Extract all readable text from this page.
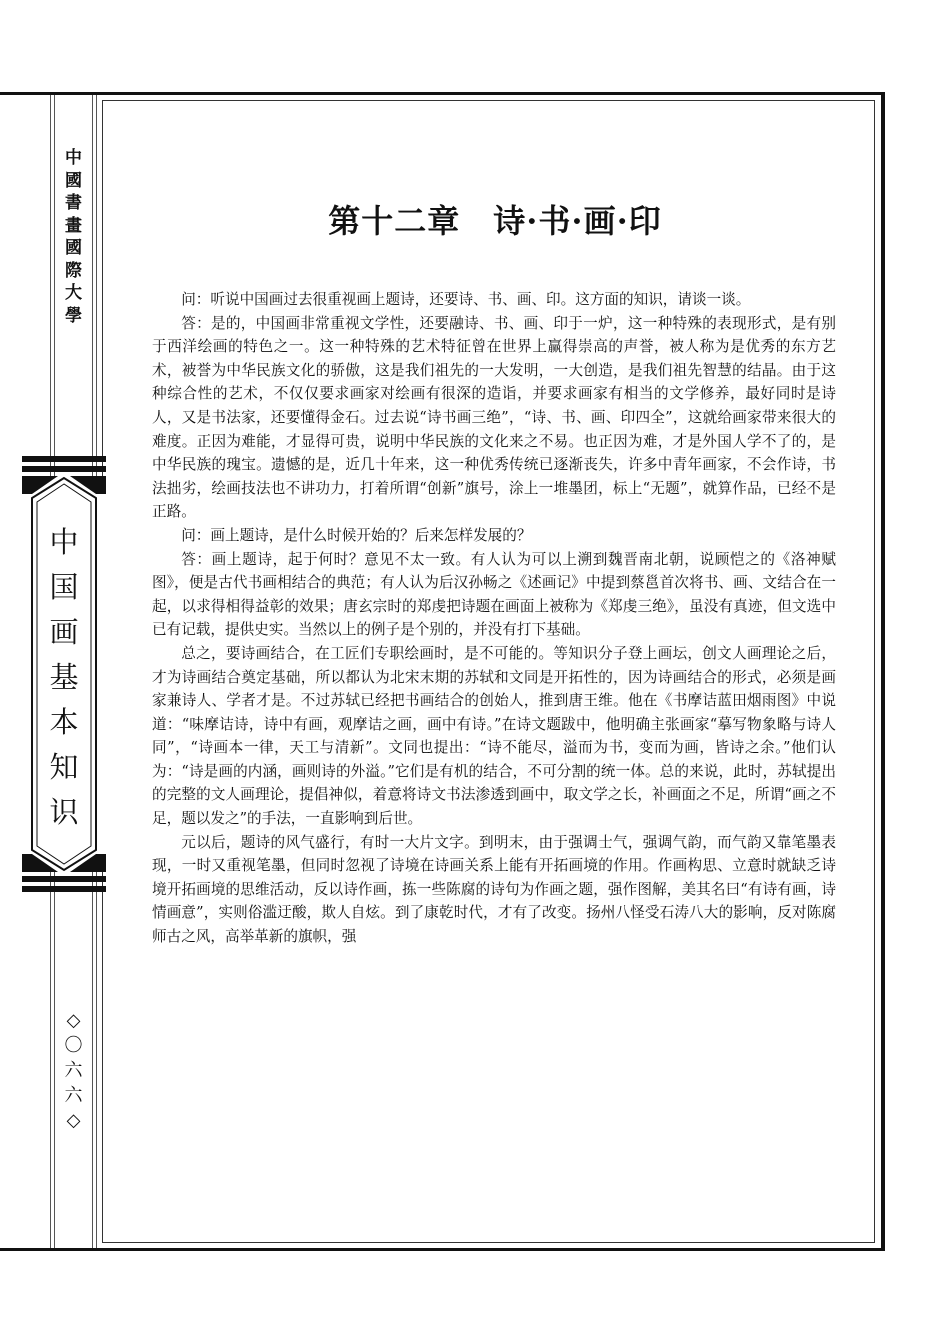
中
國
書
畫
國
際
大
學
中
国
画
基
本
知
识
◇
〇
六
六
◇
第十二章　诗·书·画·印

问：听说中国画过去很重视画上题诗，还要诗、书、画、印。这方面的知识，请谈一谈。

答：是的，中国画非常重视文学性，还要融诗、书、画、印于一炉，这一种特殊的表现形式，是有别于西洋绘画的特色之一。这一种特殊的艺术特征曾在世界上赢得崇高的声誉，被人称为是优秀的东方艺术，被誉为中华民族文化的骄傲，这是我们祖先的一大发明，一大创造，是我们祖先智慧的结晶。由于这种综合性的艺术，不仅仅要求画家对绘画有很深的造诣，并要求画家有相当的文学修养，最好同时是诗人，又是书法家，还要懂得金石。过去说“诗书画三绝”，“诗、书、画、印四全”，这就给画家带来很大的难度。正因为难能，才显得可贵，说明中华民族的文化来之不易。也正因为难，才是外国人学不了的，是中华民族的瑰宝。遗憾的是，近几十年来，这一种优秀传统已逐渐丧失，许多中青年画家，不会作诗，书法拙劣，绘画技法也不讲功力，打着所谓“创新”旗号，涂上一堆墨团，标上“无题”，就算作品，已经不是正路。

问：画上题诗，是什么时候开始的？后来怎样发展的？

答：画上题诗，起于何时？意见不太一致。有人认为可以上溯到魏晋南北朝，说顾恺之的《洛神赋图》，便是古代书画相结合的典范；有人认为后汉孙畅之《述画记》中提到蔡邕首次将书、画、文结合在一起，以求得相得益彰的效果；唐玄宗时的郑虔把诗题在画面上被称为《郑虔三绝》，虽没有真迹，但文选中已有记载，提供史实。当然以上的例子是个别的，并没有打下基础。

总之，要诗画结合，在工匠们专职绘画时，是不可能的。等知识分子登上画坛，创文人画理论之后，才为诗画结合奠定基础，所以都认为北宋末期的苏轼和文同是开拓性的，因为诗画结合的形式，必须是画家兼诗人、学者才是。不过苏轼已经把书画结合的创始人，推到唐王维。他在《书摩诘蓝田烟雨图》中说道：“味摩诘诗，诗中有画，观摩诘之画，画中有诗。”在诗文题跋中，他明确主张画家“摹写物象略与诗人同”，“诗画本一律，天工与清新”。文同也提出：“诗不能尽，溢而为书，变而为画，皆诗之余。”他们认为：“诗是画的内涵，画则诗的外溢。”它们是有机的结合，不可分割的统一体。总的来说，此时，苏轼提出的完整的文人画理论，提倡神似，着意将诗文书法渗透到画中，取文学之长，补画面之不足，所谓“画之不足，题以发之”的手法，一直影响到后世。

元以后，题诗的风气盛行，有时一大片文字。到明末，由于强调士气，强调气韵，而气韵又靠笔墨表现，一时又重视笔墨，但同时忽视了诗境在诗画关系上能有开拓画境的作用。作画构思、立意时就缺乏诗境开拓画境的思维活动，反以诗作画，拣一些陈腐的诗句为作画之题，强作图解，美其名曰“有诗有画，诗情画意”，实则俗滥迂酸，欺人自炫。到了康乾时代，才有了改变。扬州八怪受石涛八大的影响，反对陈腐师古之风，高举革新的旗帜，强
